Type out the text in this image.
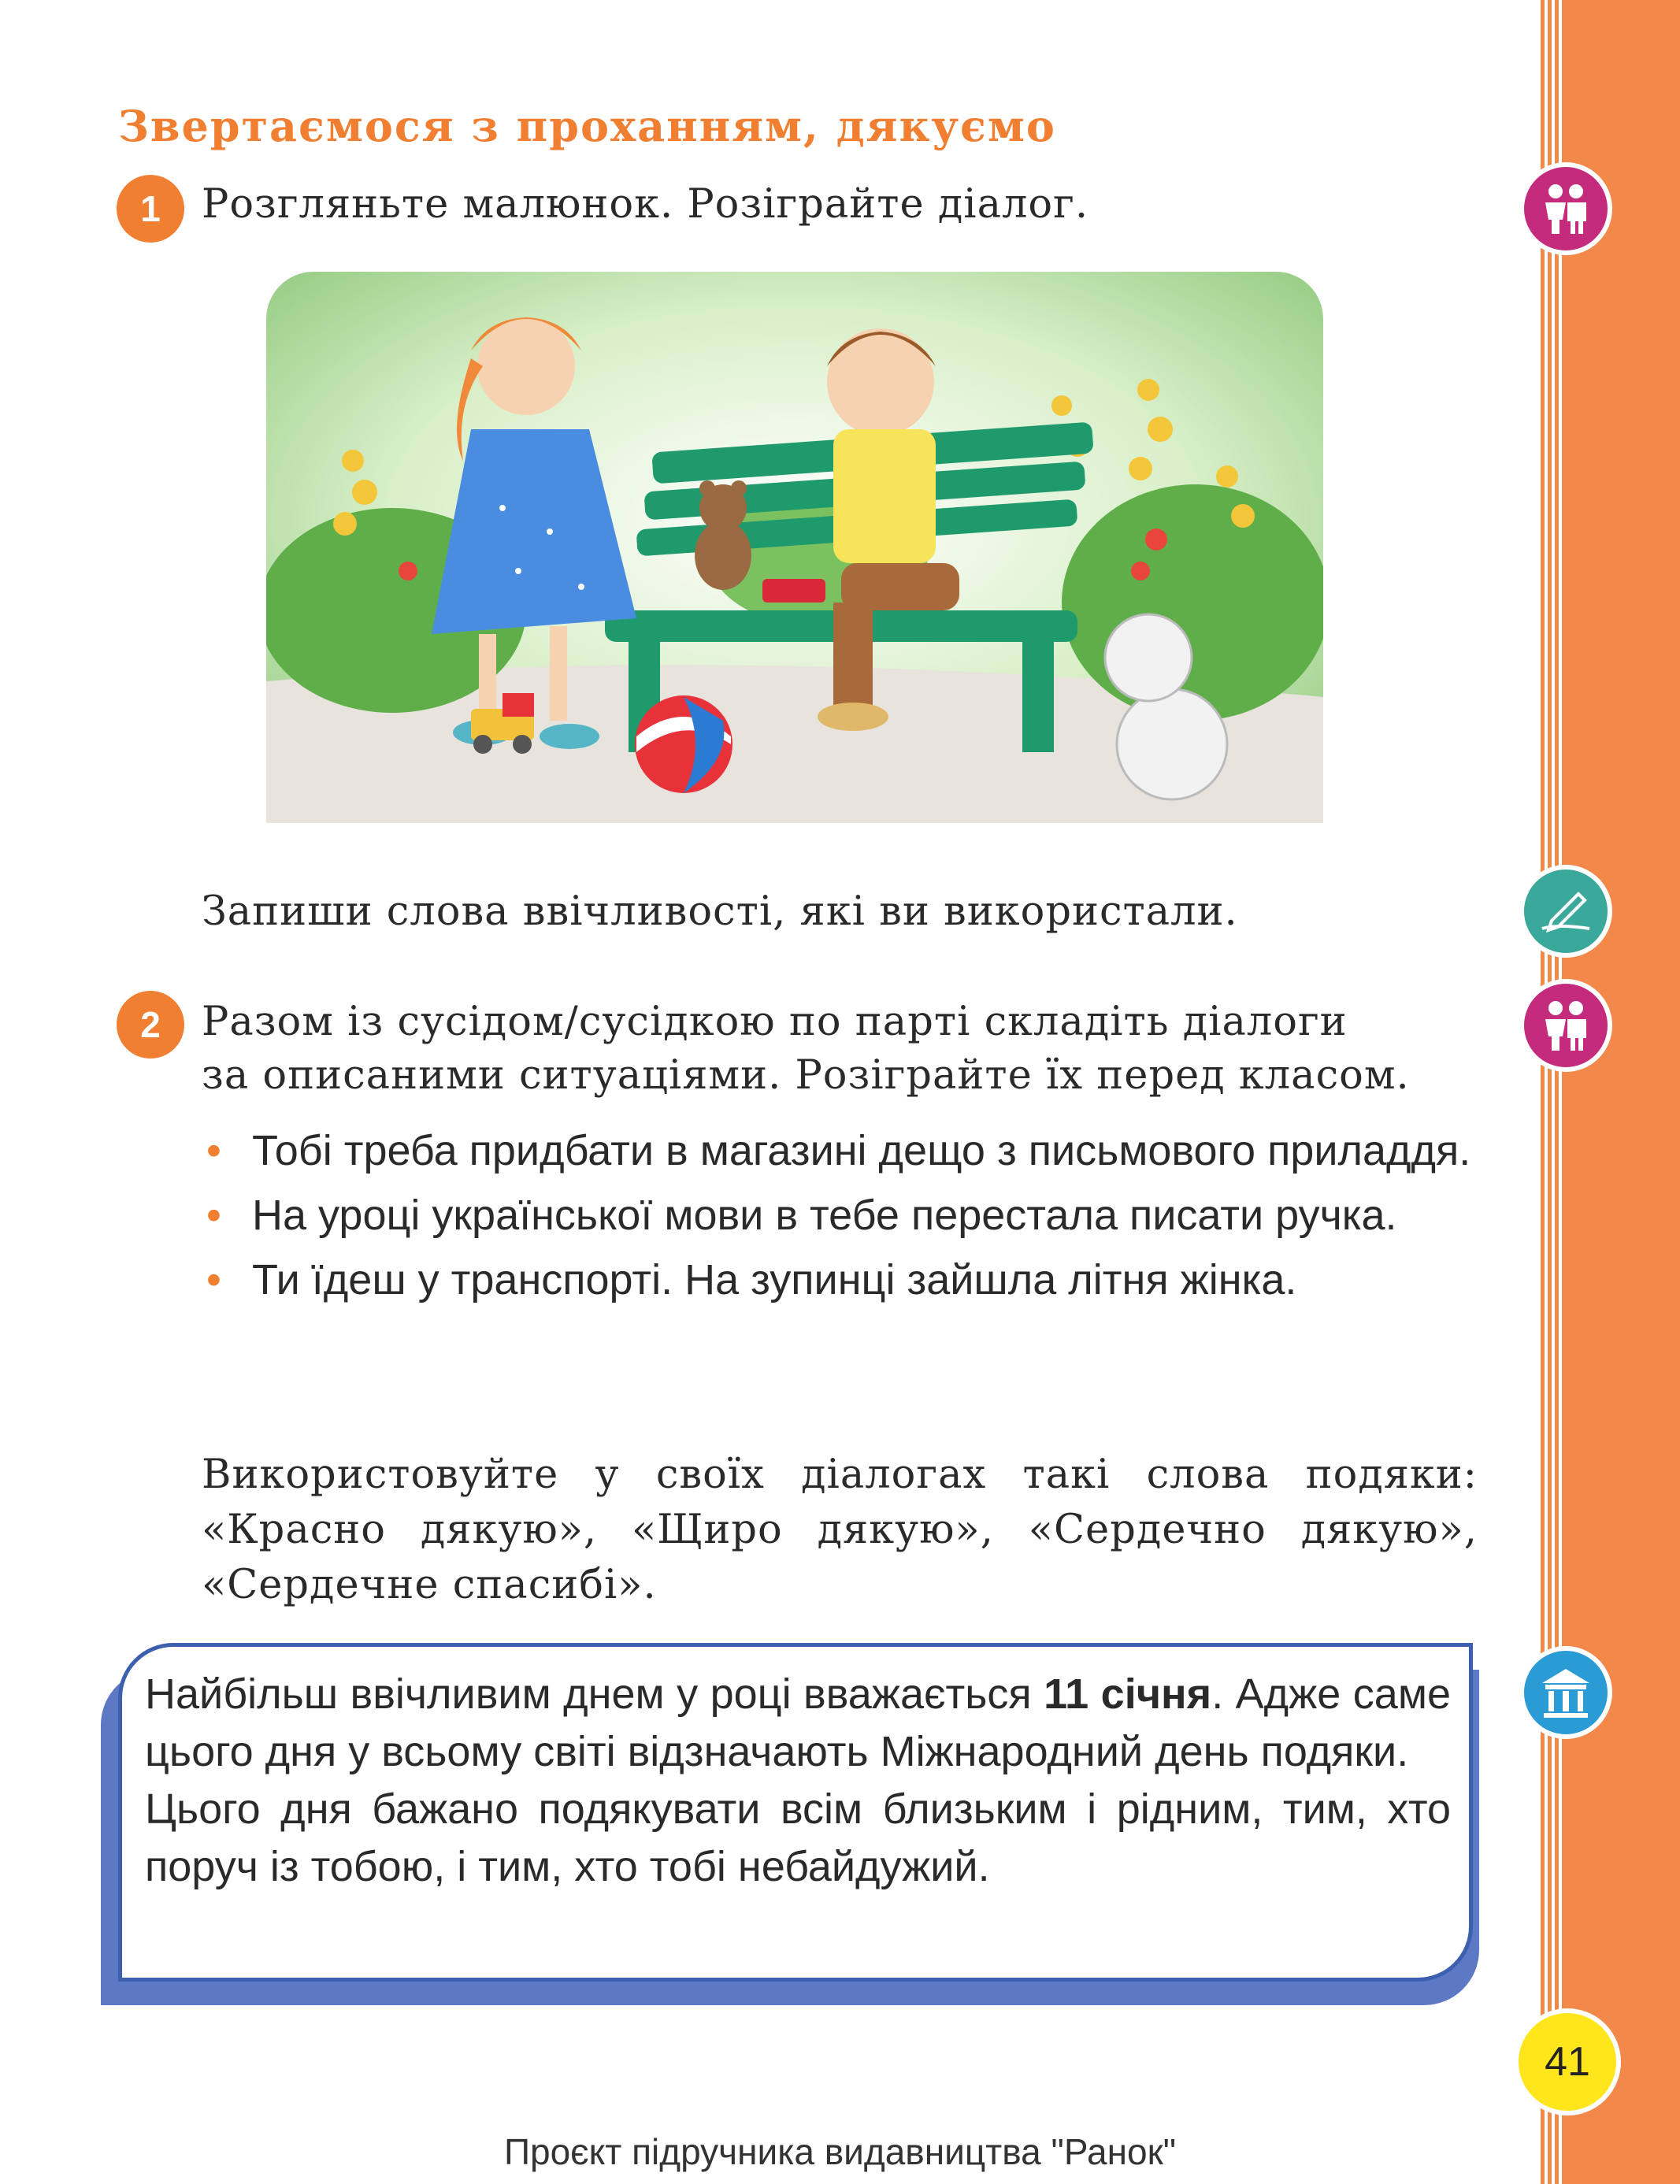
Звертаємося з проханням, дякуємо
1	Розгляньте малюнок. Розіграйте діалог.
Запиши слова ввічливості, які ви використали.
2	Разом із сусідом/сусідкою по парті складіть діалоги
за описаними ситуаціями. Розіграйте їх перед класом.
• Тобі треба придбати в магазині дещо з письмового приладдя.
• На уроці української мови в тебе перестала писати ручка.
• Ти їдеш у транспорті. На зупинці зайшла літня жінка.
Використовуйте у своїх діалогах такі слова подяки:
«Красно дякую», «Щиро дякую», «Сердечно дякую»,
«Сердечне спасибі».

Найбільш ввічливим днем у році вважається 11 січня. Адже саме цього дня у всьому світі відзначають Міжнародний день подяки.

Цього дня бажано подякувати всім близьким і рідним, тим, хто поруч із тобою, і тим, хто тобі небайдужий.

41
Проєкт підручника видавництва "Ранок"
